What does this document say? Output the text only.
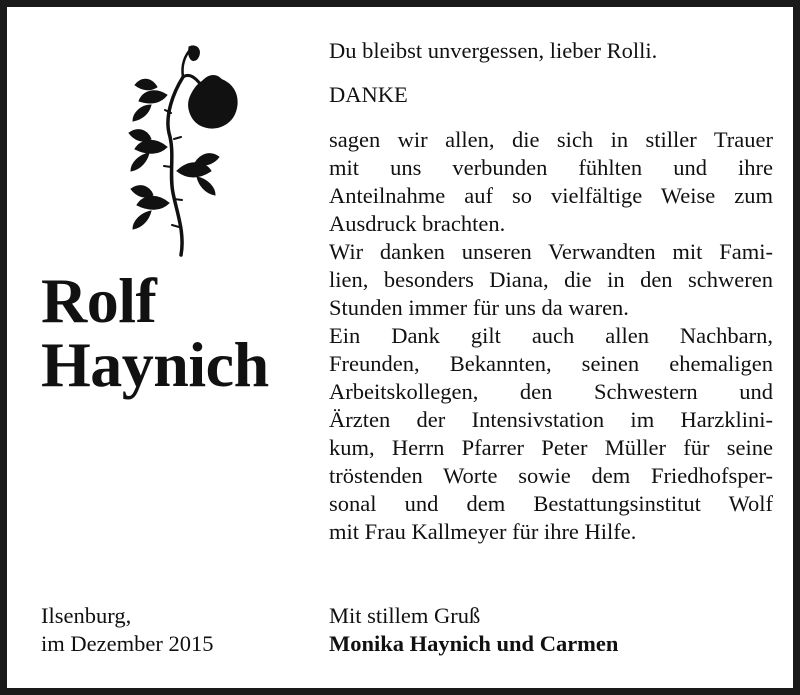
Rolf
Haynich

Du bleibst unvergessen, lieber Rolli.

DANKE

sagen wir allen, die sich in stiller Trauer
mit uns verbunden fühlten und ihre
Anteilnahme auf so vielfältige Weise zum
Ausdruck brachten.
Wir danken unseren Verwandten mit Fami-
lien, besonders Diana, die in den schweren
Stunden immer für uns da waren.
Ein Dank gilt auch allen Nachbarn,
Freunden, Bekannten, seinen ehemaligen
Arbeitskollegen, den Schwestern und
Ärzten der Intensivstation im Harzklini-
kum, Herrn Pfarrer Peter Müller für seine
tröstenden Worte sowie dem Friedhofsper-
sonal und dem Bestattungsinstitut Wolf
mit Frau Kallmeyer für ihre Hilfe.
Ilsenburg,
im Dezember 2015
Mit stillem Gruß
Monika Haynich und Carmen
